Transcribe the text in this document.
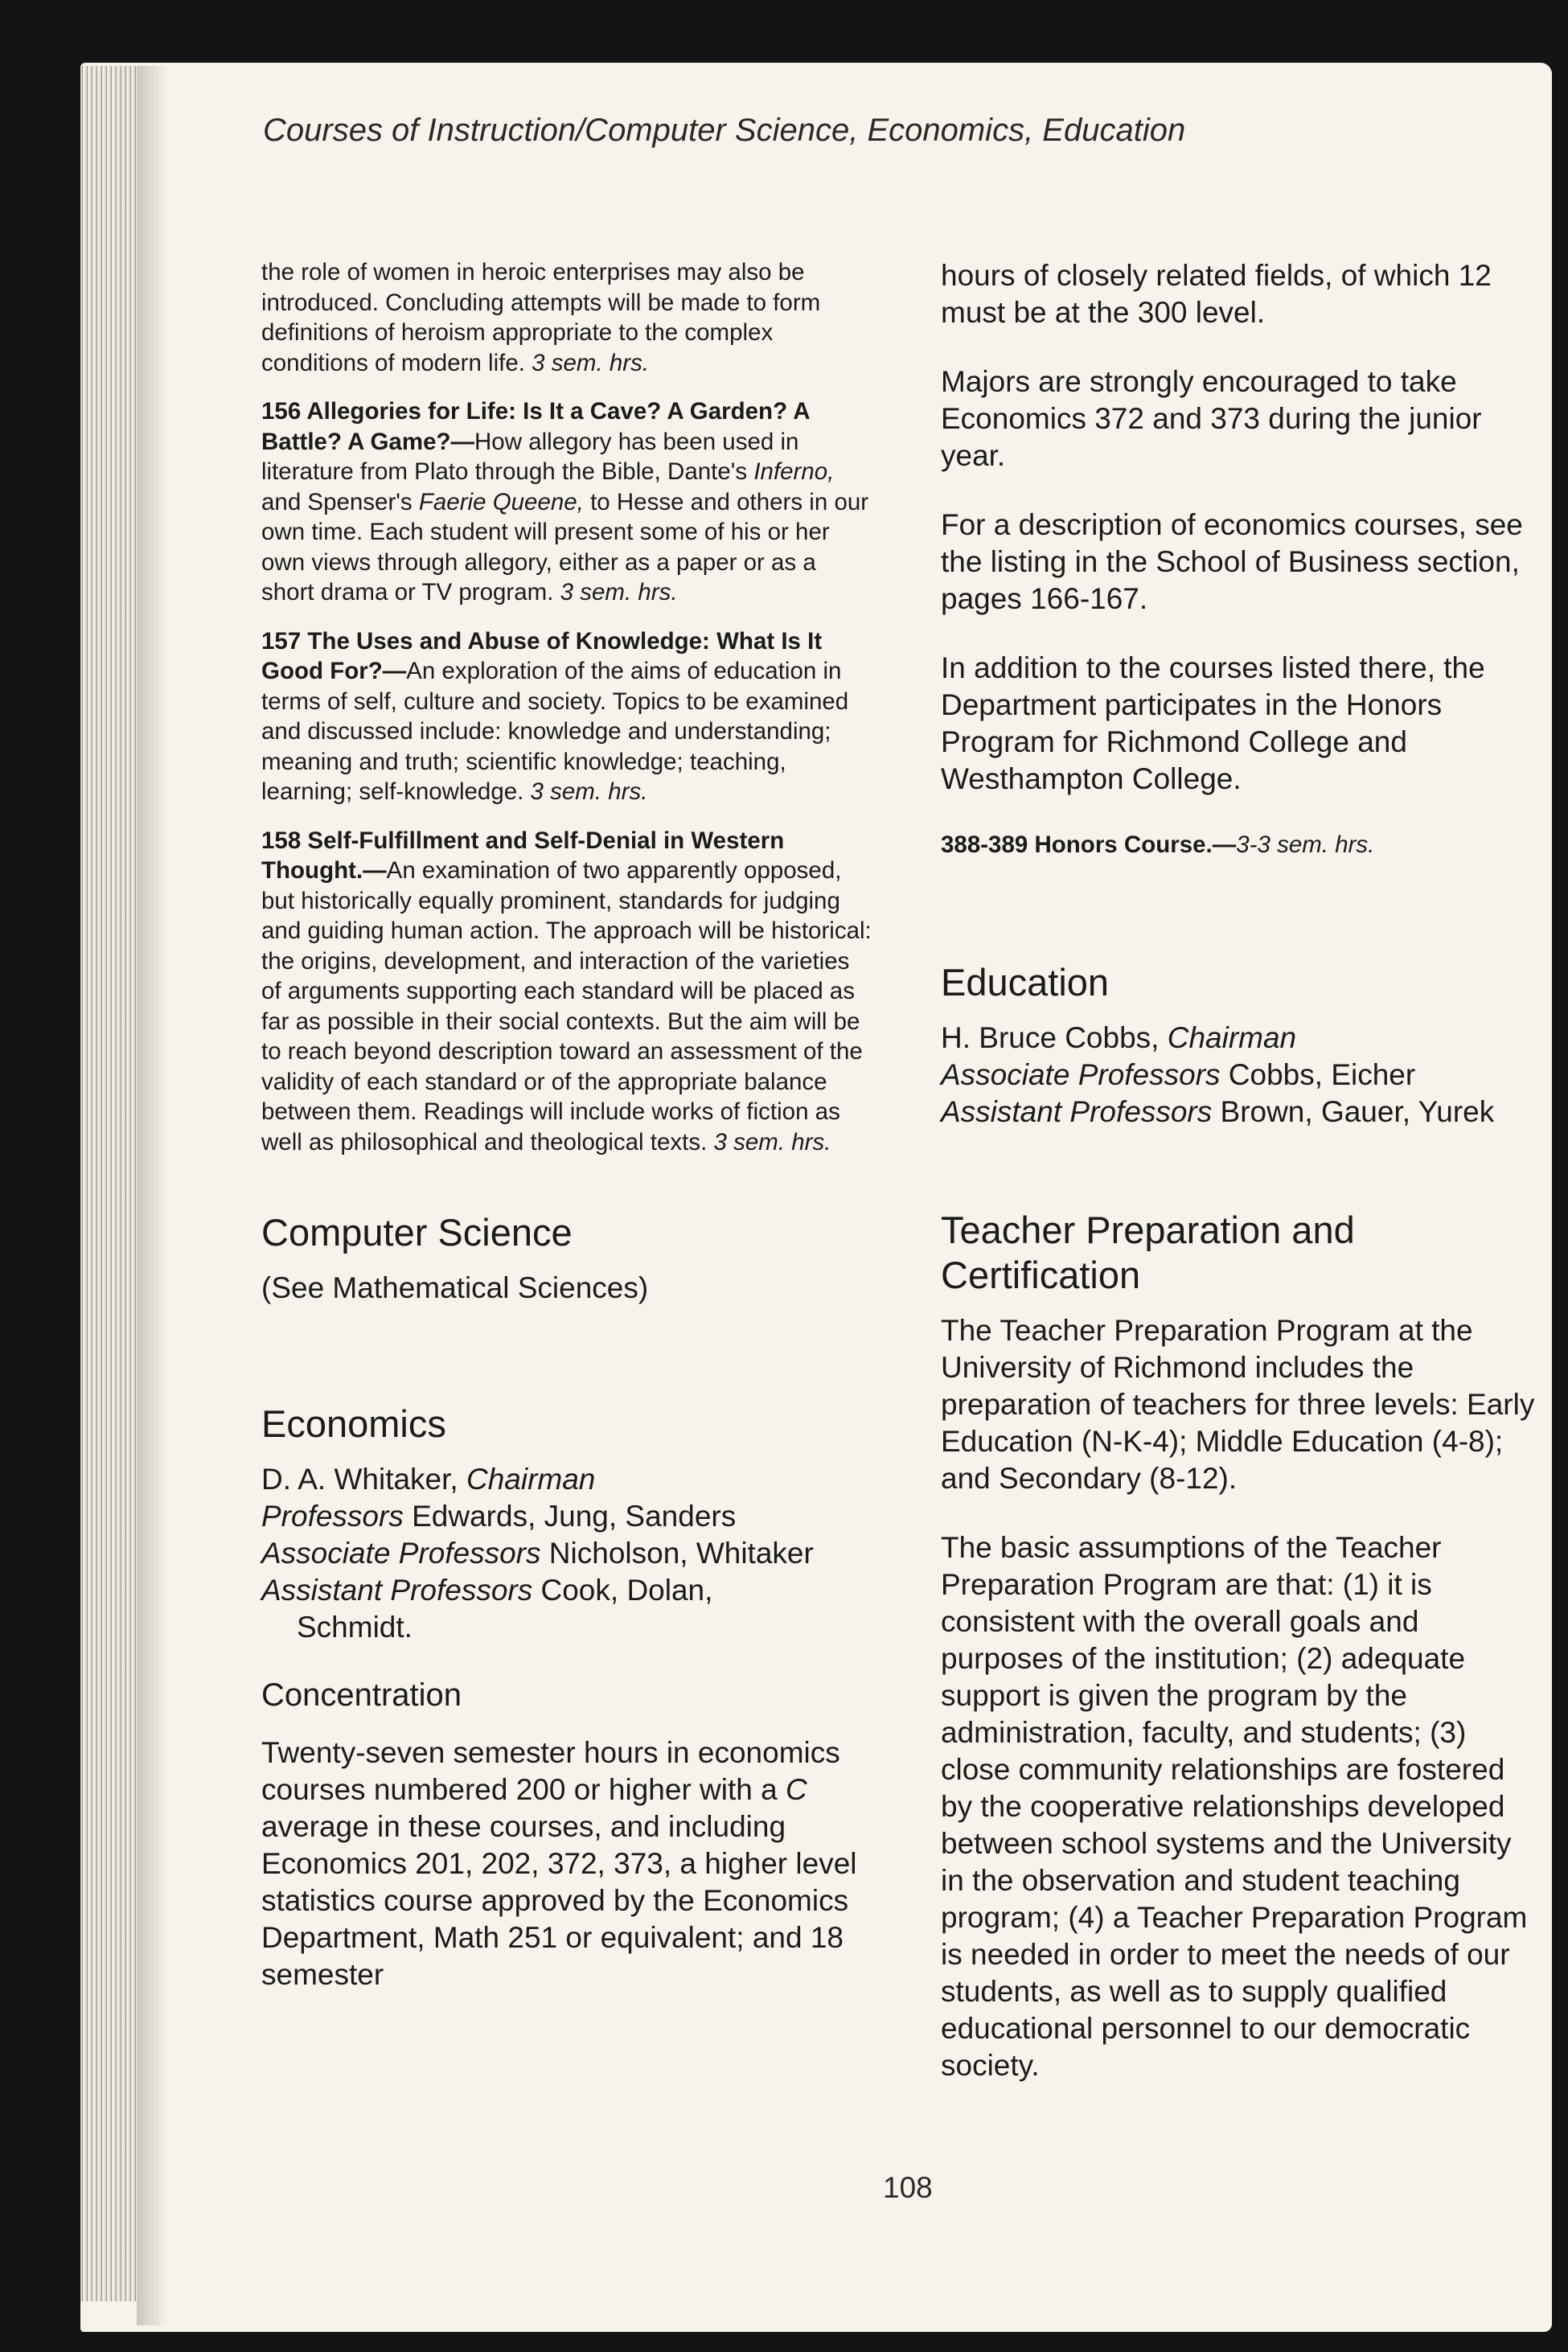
Courses of Instruction/Computer Science, Economics, Education

the role of women in heroic enterprises may also be introduced. Concluding attempts will be made to form definitions of heroism appropriate to the complex conditions of modern life. 3 sem. hrs.

156 Allegories for Life: Is It a Cave? A Garden? A Battle? A Game?—How allegory has been used in literature from Plato through the Bible, Dante's Inferno, and Spenser's Faerie Queene, to Hesse and others in our own time. Each student will present some of his or her own views through allegory, either as a paper or as a short drama or TV program. 3 sem. hrs.

157 The Uses and Abuse of Knowledge: What Is It Good For?—An exploration of the aims of education in terms of self, culture and society. Topics to be examined and discussed include: knowledge and understanding; meaning and truth; scientific knowledge; teaching, learning; self-knowledge. 3 sem. hrs.

158 Self-Fulfillment and Self-Denial in Western Thought.—An examination of two apparently opposed, but historically equally prominent, standards for judging and guiding human action. The approach will be historical: the origins, development, and interaction of the varieties of arguments supporting each standard will be placed as far as possible in their social contexts. But the aim will be to reach beyond description toward an assessment of the validity of each standard or of the appropriate balance between them. Readings will include works of fiction as well as philosophical and theological texts. 3 sem. hrs.

Computer Science

(See Mathematical Sciences)

Economics

D. A. Whitaker, Chairman

Professors Edwards, Jung, Sanders

Associate Professors Nicholson, Whitaker

Assistant Professors Cook, Dolan,

Schmidt.

Concentration

Twenty-seven semester hours in economics courses numbered 200 or higher with a C average in these courses, and including Economics 201, 202, 372, 373, a higher level statistics course approved by the Economics Department, Math 251 or equivalent; and 18 semester

hours of closely related fields, of which 12 must be at the 300 level.

Majors are strongly encouraged to take Economics 372 and 373 during the junior year.

For a description of economics courses, see the listing in the School of Business section, pages 166-167.

In addition to the courses listed there, the Department participates in the Honors Program for Richmond College and Westhampton College.

388-389 Honors Course.—3-3 sem. hrs.

Education

H. Bruce Cobbs, Chairman

Associate Professors Cobbs, Eicher

Assistant Professors Brown, Gauer, Yurek

Teacher Preparation and Certification

The Teacher Preparation Program at the University of Richmond includes the preparation of teachers for three levels: Early Education (N-K-4); Middle Education (4-8); and Secondary (8-12).

The basic assumptions of the Teacher Preparation Program are that: (1) it is consistent with the overall goals and purposes of the institution; (2) adequate support is given the program by the administration, faculty, and students; (3) close community relationships are fostered by the cooperative relationships developed between school systems and the University in the observation and student teaching program; (4) a Teacher Preparation Program is needed in order to meet the needs of our students, as well as to supply qualified educational personnel to our democratic society.

108
